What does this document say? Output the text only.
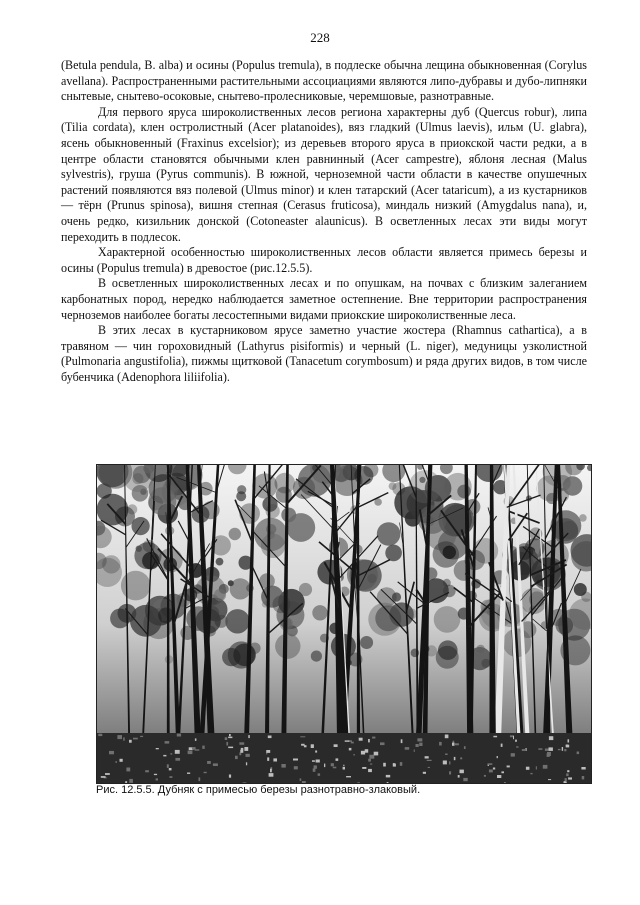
228

(Betula pendula, B. alba) и осины (Populus tremula), в подлеске обычна лещина обыкновенная (Corylus avellana). Распространенными растительными ассоциациями являются липо-дубравы и дубо-липняки снытевые, снытево-осоковые, снытево-пролесниковые, черемшовые, разнотравные.

Для первого яруса широколиственных лесов региона характерны дуб (Quercus robur), липа (Tilia cordata), клен остролистный (Acer platanoides), вяз гладкий (Ulmus laevis), ильм (U. glabra), ясень обыкновенный (Fraxinus excelsior); из деревьев второго яруса в приокской части редки, а в центре области становятся обычными клен равнинный (Acer campestre), яблоня лесная (Malus sylvestris), груша (Pyrus communis). В южной, черноземной части области в качестве опушечных растений появляются вяз полевой (Ulmus minor) и клен татарский (Acer tataricum), а из кустарников — тёрн (Prunus spinosa), вишня степная (Cerasus fruticosa), миндаль низкий (Amygdalus nana), и, очень редко, кизильник донской (Cotoneaster alaunicus). В осветленных лесах эти виды могут переходить в подлесок.

Характерной особенностью широколиственных лесов области является примесь березы и осины (Populus tremula) в древостое (рис.12.5.5).

В осветленных широколиственных лесах и по опушкам, на почвах с близким залеганием карбонатных пород, нередко наблюдается заметное остепнение. Вне территории распространения черноземов наиболее богаты лесостепными видами приокские широколиственные леса.

В этих лесах в кустарниковом ярусе заметно участие жостера (Rhamnus cathartica), а в травяном — чин гороховидный (Lathyrus pisiformis) и черный (L. niger), медуницы узколистной (Pulmonaria angustifolia), пижмы щитковой (Tanacetum corymbosum) и ряда других видов, в том числе бубенчика (Adenophora liliifolia).

Рис. 12.5.5. Дубняк с примесью березы разнотравно-злаковый.
